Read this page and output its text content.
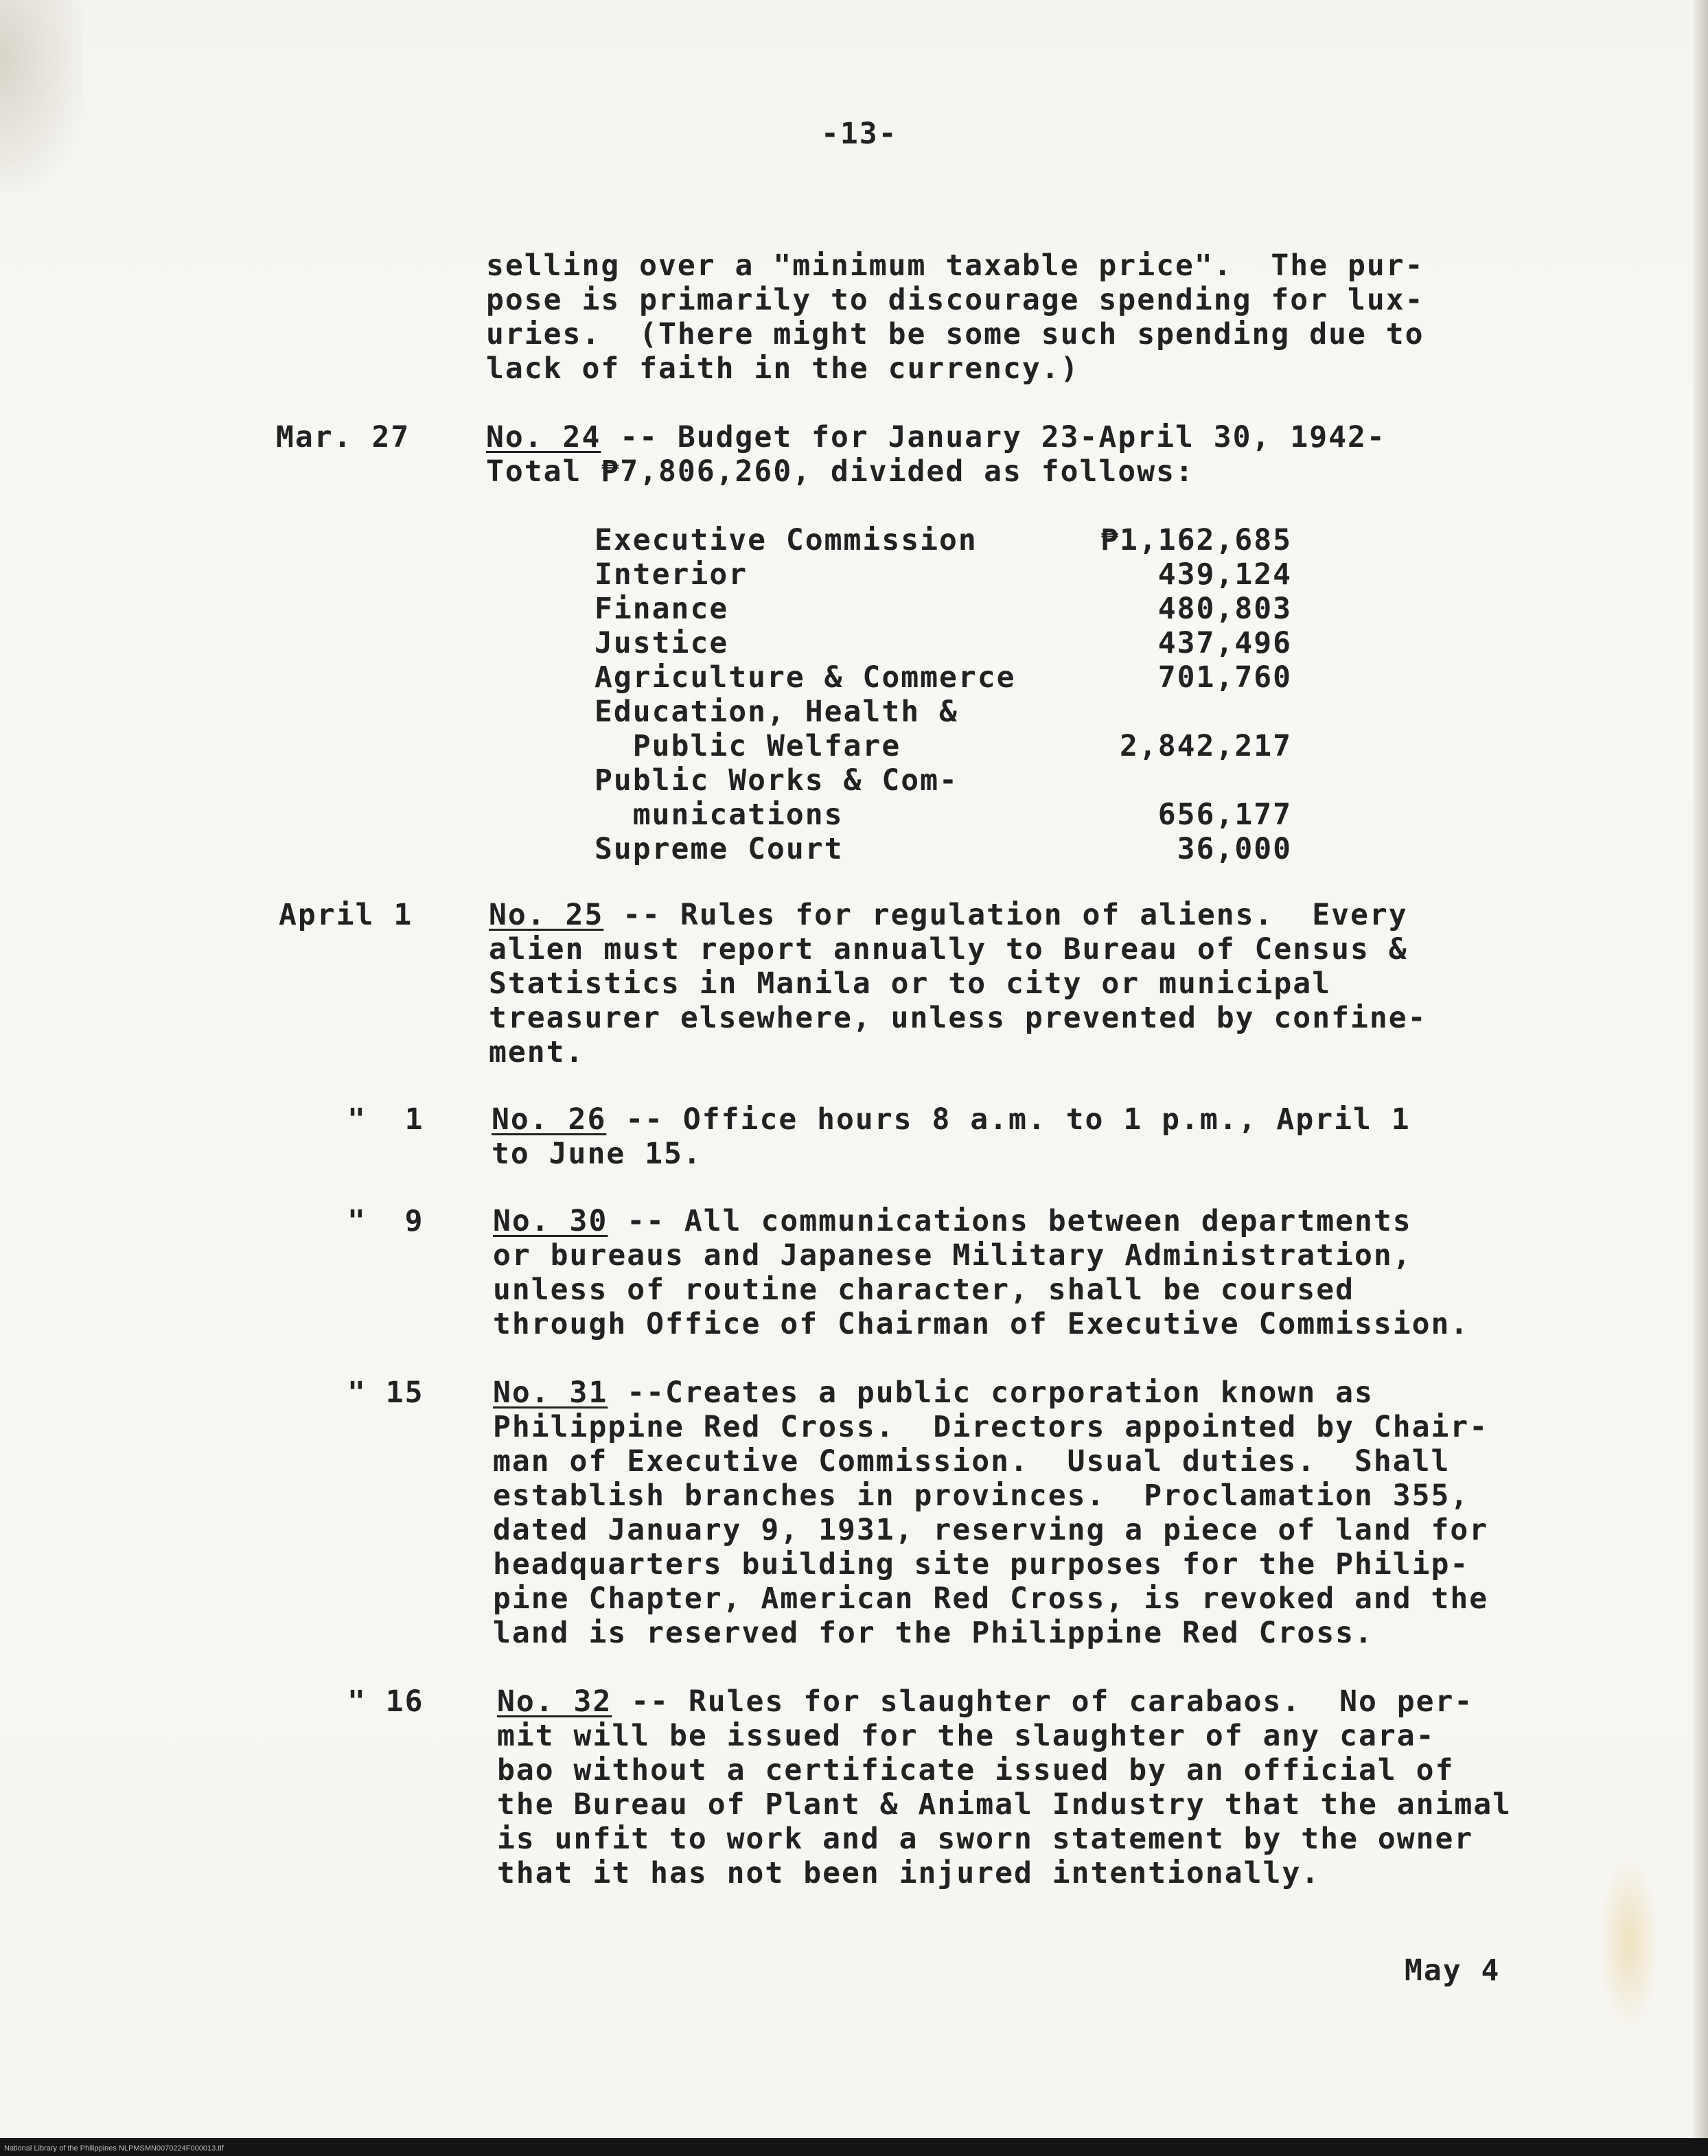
-13-
selling over a "minimum taxable price".  The pur-
pose is primarily to discourage spending for lux-
uries.  (There might be some such spending due to
lack of faith in the currency.)
Mar. 27	No. 24 -- Budget for January 23-April 30, 1942-
Total ₱7,806,260, divided as follows:
Executive Commission	₱1,162,685
Interior	439,124
Finance	480,803
Justice	437,496
Agriculture & Commerce	701,760
Education, Health &
Public Welfare	2,842,217
Public Works & Com-
munications	656,177
Supreme Court	36,000
April 1	No. 25 -- Rules for regulation of aliens.  Every
alien must report annually to Bureau of Census &
Statistics in Manila or to city or municipal
treasurer elsewhere, unless prevented by confine-
ment.
"  1 No. 26 -- Office hours 8 a.m. to 1 p.m., April 1
to June 15.
"  9 No. 30 -- All communications between departments
or bureaus and Japanese Military Administration,
unless of routine character, shall be coursed
through Office of Chairman of Executive Commission.
" 15 No. 31 --Creates a public corporation known as
Philippine Red Cross.  Directors appointed by Chair-
man of Executive Commission.  Usual duties.  Shall
establish branches in provinces.  Proclamation 355,
dated January 9, 1931, reserving a piece of land for
headquarters building site purposes for the Philip-
pine Chapter, American Red Cross, is revoked and the
land is reserved for the Philippine Red Cross.
" 16 No. 32 -- Rules for slaughter of carabaos.  No per-
mit will be issued for the slaughter of any cara-
bao without a certificate issued by an official of
the Bureau of Plant & Animal Industry that the animal
is unfit to work and a sworn statement by the owner
that it has not been injured intentionally.
May 4
National Library of the Philippines NLPMSMN0070224F000013.tif
